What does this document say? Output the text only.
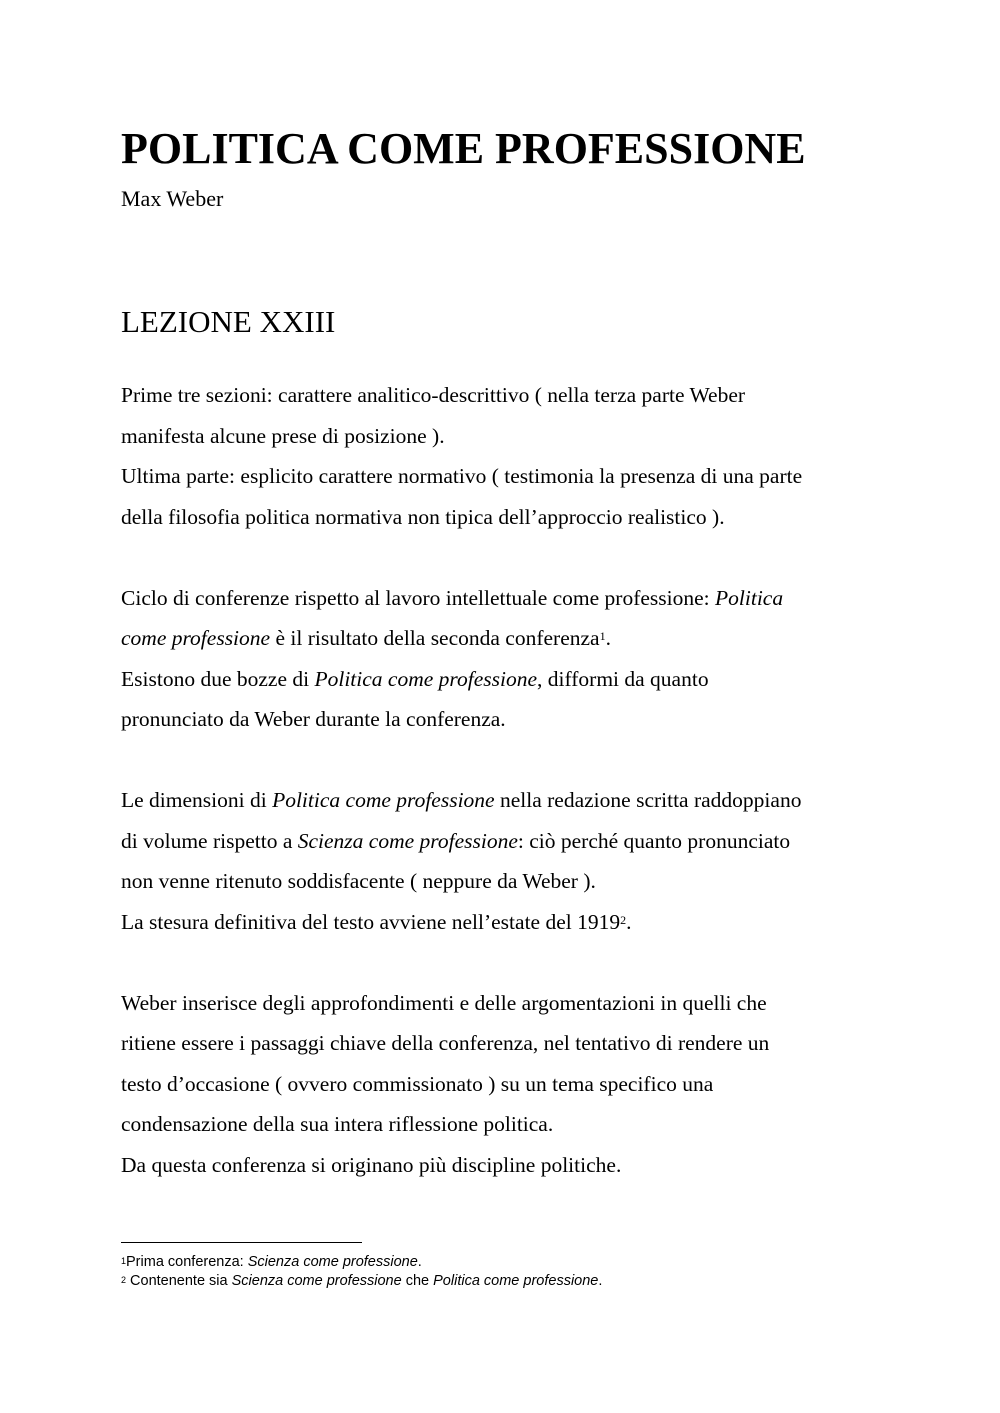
POLITICA COME PROFESSIONE
Max Weber
LEZIONE XXIII
Prime tre sezioni: carattere analitico-descrittivo ( nella terza parte Weber
manifesta alcune prese di posizione ).
Ultima parte: esplicito carattere normativo ( testimonia la presenza di una parte
della filosofia politica normativa non tipica dell’approccio realistico ).
Ciclo di conferenze rispetto al lavoro intellettuale come professione: Politica
come professione è il risultato della seconda conferenza$^1$.
Esistono due bozze di Politica come professione, difformi da quanto
pronunciato da Weber durante la conferenza.
Le dimensioni di Politica come professione nella redazione scritta raddoppiano
di volume rispetto a Scienza come professione: ciò perché quanto pronunciato
non venne ritenuto soddisfacente ( neppure da Weber ).
La stesura definitiva del testo avviene nell’estate del 1919$^2$.
Weber inserisce degli approfondimenti e delle argomentazioni in quelli che
ritiene essere i passaggi chiave della conferenza, nel tentativo di rendere un
testo d’occasione ( ovvero commissionato ) su un tema specifico una
condensazione della sua intera riflessione politica.
Da questa conferenza si originano più discipline politiche.
$^1$Prima conferenza: Scienza come professione.
$^2$ Contenente sia Scienza come professione che Politica come professione.
